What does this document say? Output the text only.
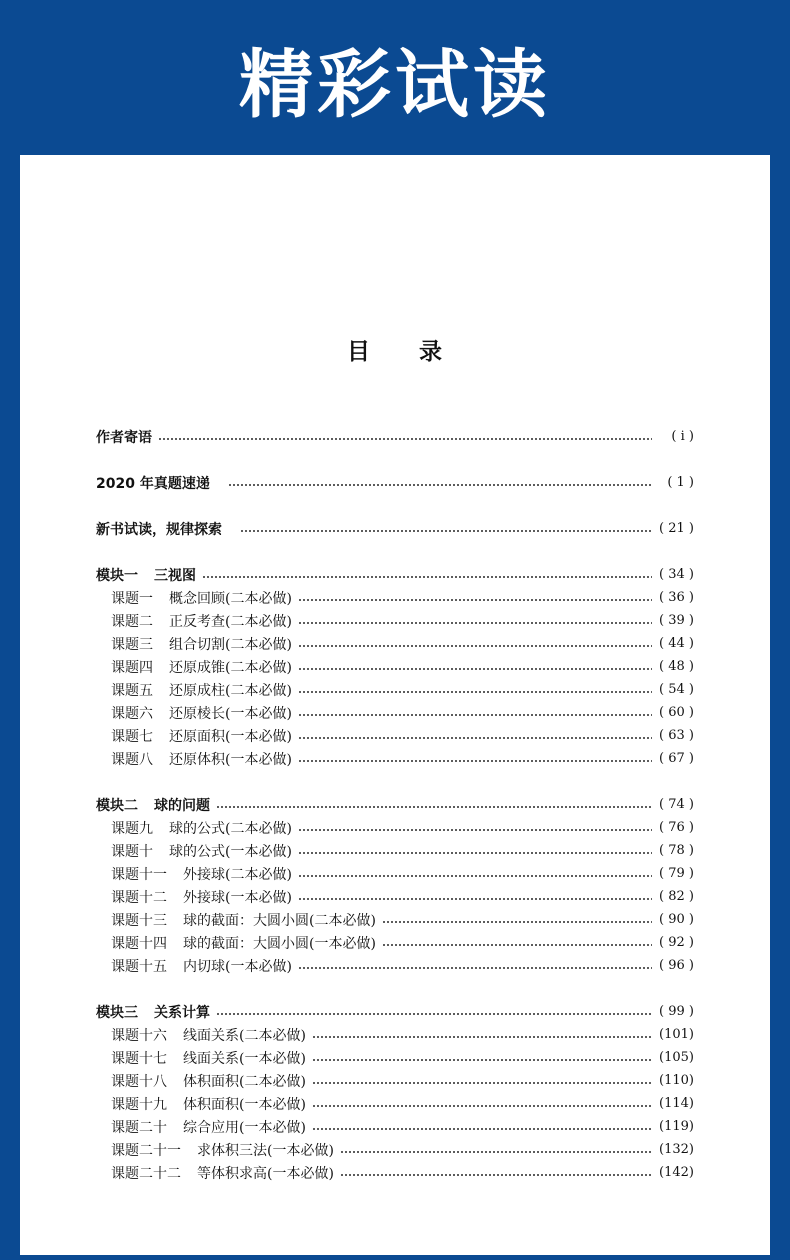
精彩试读
目　　录
作者寄语	( ⅰ )
2020 年真题速递	( 1 )
新书试读，规律探索	( 21 )
模块一 三视图	( 34 )
课题一 概念回顾(二本必做)	( 36 )
课题二 正反考查(二本必做)	( 39 )
课题三 组合切割(二本必做)	( 44 )
课题四 还原成锥(二本必做)	( 48 )
课题五 还原成柱(二本必做)	( 54 )
课题六 还原棱长(一本必做)	( 60 )
课题七 还原面积(一本必做)	( 63 )
课题八 还原体积(一本必做)	( 67 )
模块二 球的问题	( 74 )
课题九 球的公式(二本必做)	( 76 )
课题十 球的公式(一本必做)	( 78 )
课题十一 外接球(二本必做)	( 79 )
课题十二 外接球(一本必做)	( 82 )
课题十三 球的截面：大圆小圆(二本必做)	( 90 )
课题十四 球的截面：大圆小圆(一本必做)	( 92 )
课题十五 内切球(一本必做)	( 96 )
模块三 关系计算	( 99 )
课题十六 线面关系(二本必做)	(101)
课题十七 线面关系(一本必做)	(105)
课题十八 体积面积(二本必做)	(110)
课题十九 体积面积(一本必做)	(114)
课题二十 综合应用(一本必做)	(119)
课题二十一 求体积三法(一本必做)	(132)
课题二十二 等体积求高(一本必做)	(142)
